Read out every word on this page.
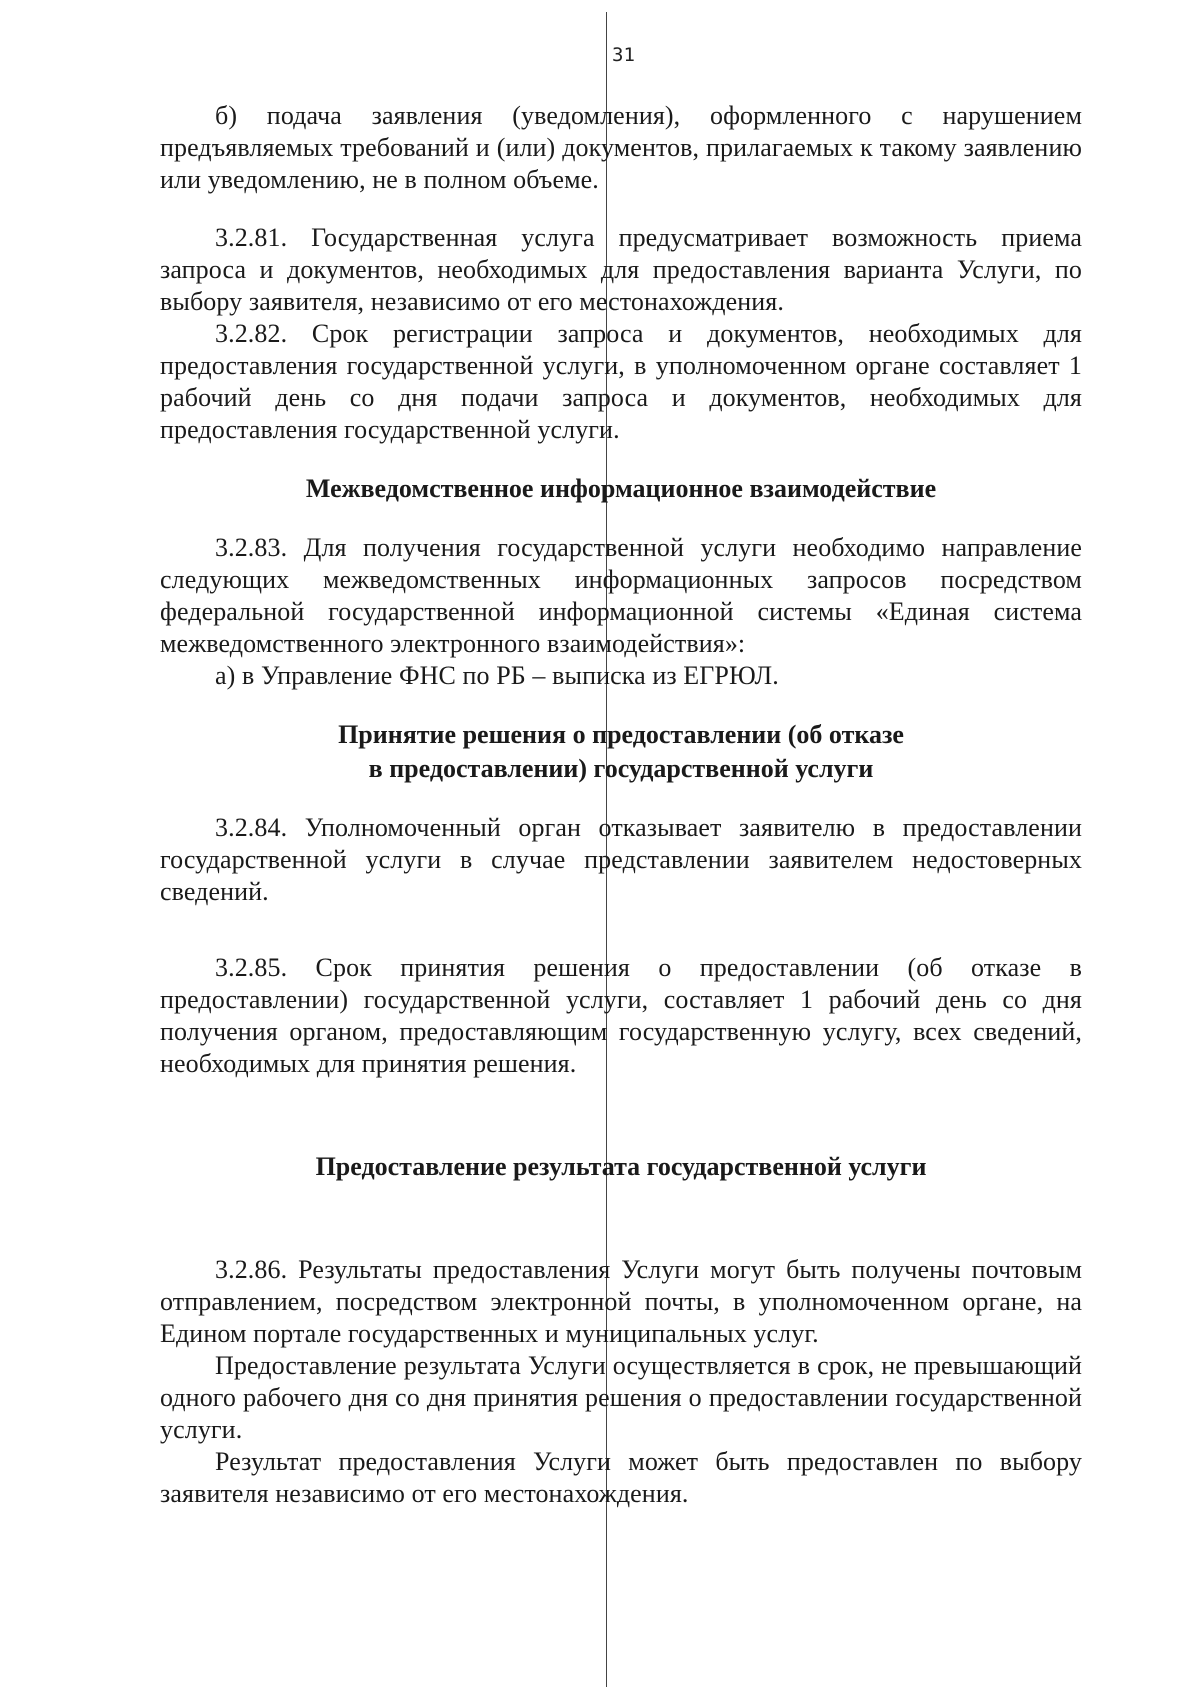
31

б) подача заявления (уведомления), оформленного с нарушением предъявляемых требований и (или) документов, прилагаемых к такому заявлению или уведомлению, не в полном объеме.

3.2.81. Государственная услуга предусматривает возможность приема запроса и документов, необходимых для предоставления варианта Услуги, по выбору заявителя, независимо от его местонахождения.

3.2.82. Срок регистрации запроса и документов, необходимых для предоставления государственной услуги, в уполномоченном органе составляет 1 рабочий день со дня подачи запроса и документов, необходимых для предоставления государственной услуги.

Межведомственное информационное взаимодействие

3.2.83. Для получения государственной услуги необходимо направление следующих межведомственных информационных запросов посредством федеральной государственной информационной системы «Единая система межведомственного электронного взаимодействия»:

а) в Управление ФНС по РБ – выписка из ЕГРЮЛ.

Принятие решения о предоставлении (об отказе
в предоставлении) государственной услуги

3.2.84. Уполномоченный орган отказывает заявителю в предоставлении государственной услуги в случае представлении заявителем недостоверных сведений.

3.2.85. Срок принятия решения о предоставлении (об отказе в предоставлении) государственной услуги, составляет 1 рабочий день со дня получения органом, предоставляющим государственную услугу, всех сведений, необходимых для принятия решения.

Предоставление результата государственной услуги

3.2.86. Результаты предоставления Услуги могут быть получены почтовым отправлением, посредством электронной почты, в уполномоченном органе, на Едином портале государственных и муниципальных услуг.

Предоставление результата Услуги осуществляется в срок, не превышающий одного рабочего дня со дня принятия решения о предоставлении государственной услуги.

Результат предоставления Услуги может быть предоставлен по выбору заявителя независимо от его местонахождения.
